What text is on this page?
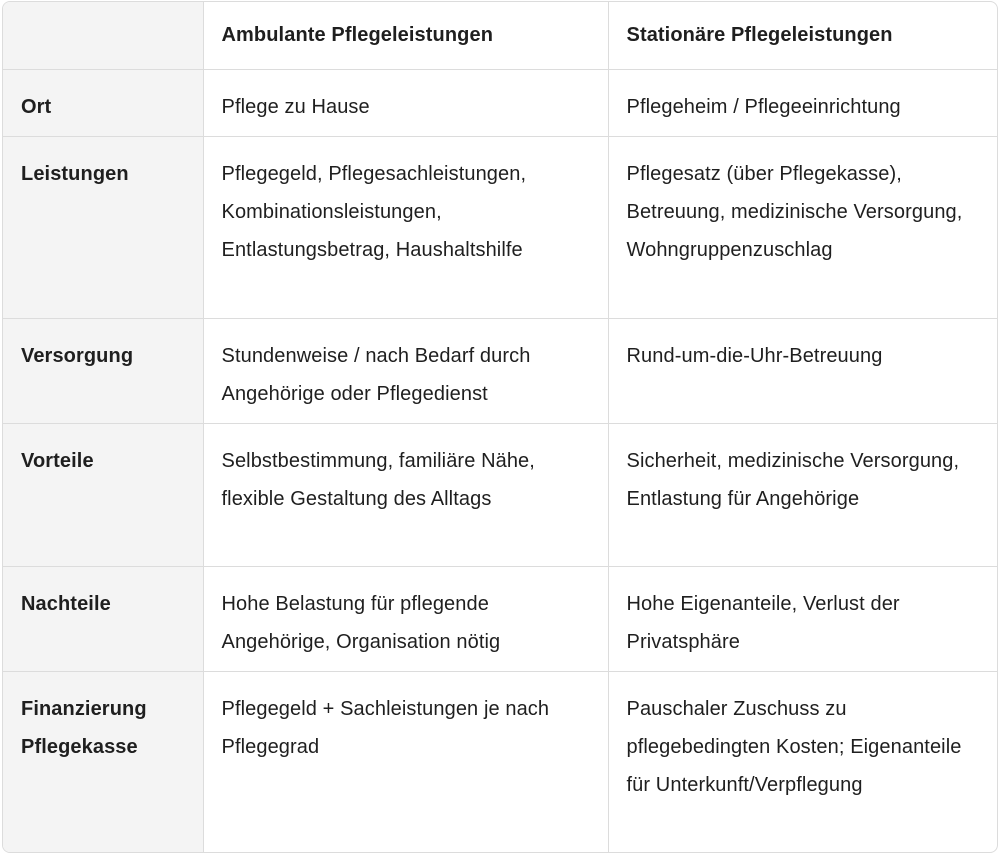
	Ambulante Pflegeleistungen	Stationäre Pflegeleistungen
Ort	Pflege zu Hause	Pflegeheim / Pflegeeinrichtung
Leistungen	Pflegegeld, Pflegesachleistungen, Kombinationsleistungen, Entlastungsbetrag, Haushaltshilfe	Pflegesatz (über Pflegekasse), Betreuung, medizinische Versorgung, Wohngruppenzuschlag
Versorgung	Stundenweise / nach Bedarf durch Angehörige oder Pflegedienst	Rund-um-die-Uhr-Betreuung
Vorteile	Selbstbestimmung, familiäre Nähe, flexible Gestaltung des Alltags	Sicherheit, medizinische Versorgung, Entlastung für Angehörige
Nachteile	Hohe Belastung für pflegende Angehörige, Organisation nötig	Hohe Eigenanteile, Verlust der Privatsphäre
Finanzierung Pflegekasse	Pflegegeld + Sachleistungen je nach Pflegegrad	Pauschaler Zuschuss zu pflegebedingten Kosten; Eigenanteile für Unterkunft/Verpflegung
